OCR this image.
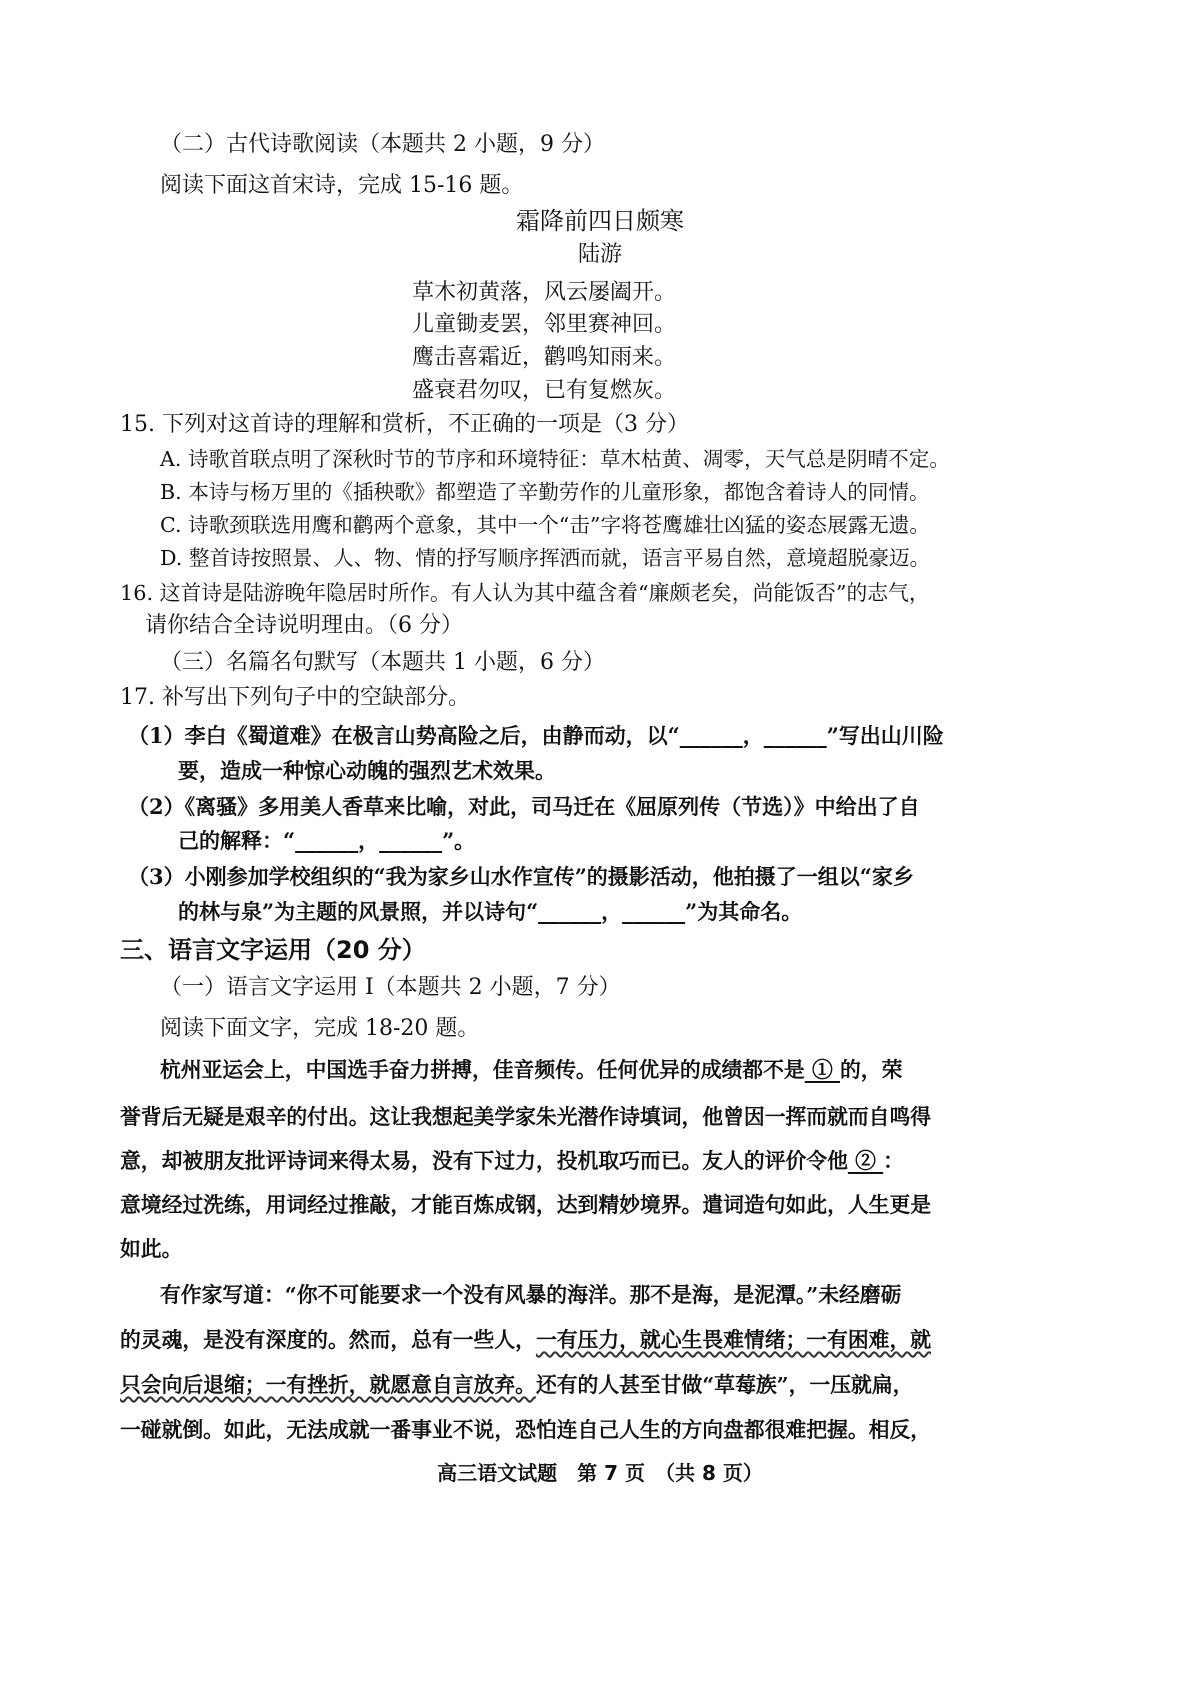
（二）古代诗歌阅读（本题共 2 小题，9 分）
阅读下面这首宋诗，完成 15-16 题。
霜降前四日颇寒
陆游
草木初黄落，风云屡阖开。
儿童锄麦罢，邻里赛神回。
鹰击喜霜近，鹳鸣知雨来。
盛衰君勿叹，已有复燃灰。
15. 下列对这首诗的理解和赏析，不正确的一项是（3 分）
A. 诗歌首联点明了深秋时节的节序和环境特征：草木枯黄、凋零，天气总是阴晴不定。
B. 本诗与杨万里的《插秧歌》都塑造了辛勤劳作的儿童形象，都饱含着诗人的同情。
C. 诗歌颈联选用鹰和鹳两个意象，其中一个“击”字将苍鹰雄壮凶猛的姿态展露无遗。
D. 整首诗按照景、人、物、情的抒写顺序挥洒而就，语言平易自然，意境超脱豪迈。
16. 这首诗是陆游晚年隐居时所作。有人认为其中蕴含着“廉颇老矣，尚能饭否”的志气，
请你结合全诗说明理由。（6 分）
（三）名篇名句默写（本题共 1 小题，6 分）
17. 补写出下列句子中的空缺部分。
（1）李白《蜀道难》在极言山势高险之后，由静而动，以“______，______”写出山川险
要，造成一种惊心动魄的强烈艺术效果。
（2）《离骚》多用美人香草来比喻，对此，司马迁在《屈原列传（节选）》中给出了自
己的解释：“______，______”。
（3）小刚参加学校组织的“我为家乡山水作宣传”的摄影活动，他拍摄了一组以“家乡
的林与泉”为主题的风景照，并以诗句“______，______”为其命名。
三、语言文字运用（20 分）
（一）语言文字运用 Ⅰ（本题共 2 小题，7 分）
阅读下面文字，完成 18-20 题。
杭州亚运会上，中国选手奋力拼搏，佳音频传。任何优异的成绩都不是 ① 的，荣
誉背后无疑是艰辛的付出。这让我想起美学家朱光潜作诗填词，他曾因一挥而就而自鸣得
意，却被朋友批评诗词来得太易，没有下过力，投机取巧而已。友人的评价令他 ② ：
意境经过洗练，用词经过推敲，才能百炼成钢，达到精妙境界。遣词造句如此，人生更是
如此。
有作家写道：“你不可能要求一个没有风暴的海洋。那不是海，是泥潭。”未经磨砺
的灵魂，是没有深度的。然而，总有一些人，一有压力，就心生畏难情绪；一有困难，就
只会向后退缩；一有挫折，就愿意自言放弃。还有的人甚至甘做“草莓族”，一压就扁，
一碰就倒。如此，无法成就一番事业不说，恐怕连自己人生的方向盘都很难把握。相反，
高三语文试题　第 7 页　（共 8 页）
